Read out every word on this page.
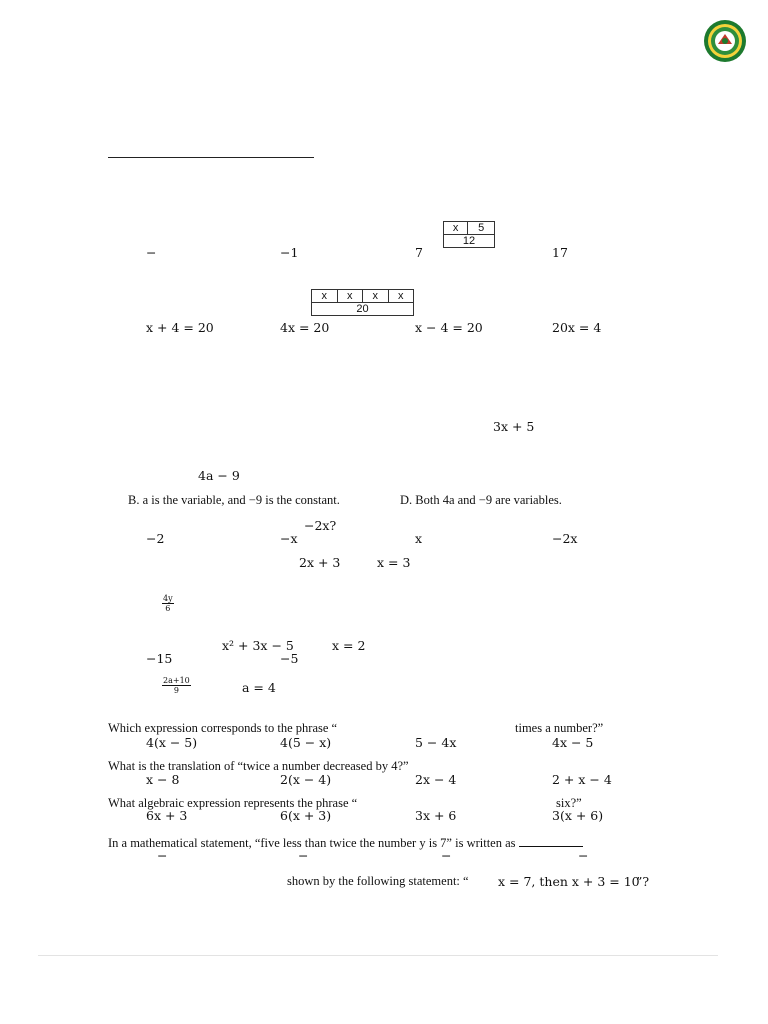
x	5
12
−	−1	7	17
x	x	x	x
20
x + 4 = 20	4x = 20	x − 4 = 20	20x = 4
3x + 5
4a − 9
B. a is the variable, and −9 is the constant.	D. Both 4a and −9 are variables.
−2x?
−2	−x	x	−2x
2x + 3	x = 3
$\frac{4y}{6}$
x² + 3x − 5	x = 2
−15	−5
$\frac{2a+10}{9}$	a = 4
Which expression corresponds to the phrase “	times a number?”
4(x − 5)	4(5 − x)	5 − 4x	4x − 5
What is the translation of “twice a number decreased by 4?”
x − 8	2(x − 4)	2x − 4	2 + x − 4
What algebraic expression represents the phrase “	six?”
6x + 3	6(x + 3)	3x + 6	3(x + 6)
In a mathematical statement, “five less than twice the number y is 7” is written as
−	−	−	−
shown by the following statement: “ x = 7, then x + 3 = 10
”?
